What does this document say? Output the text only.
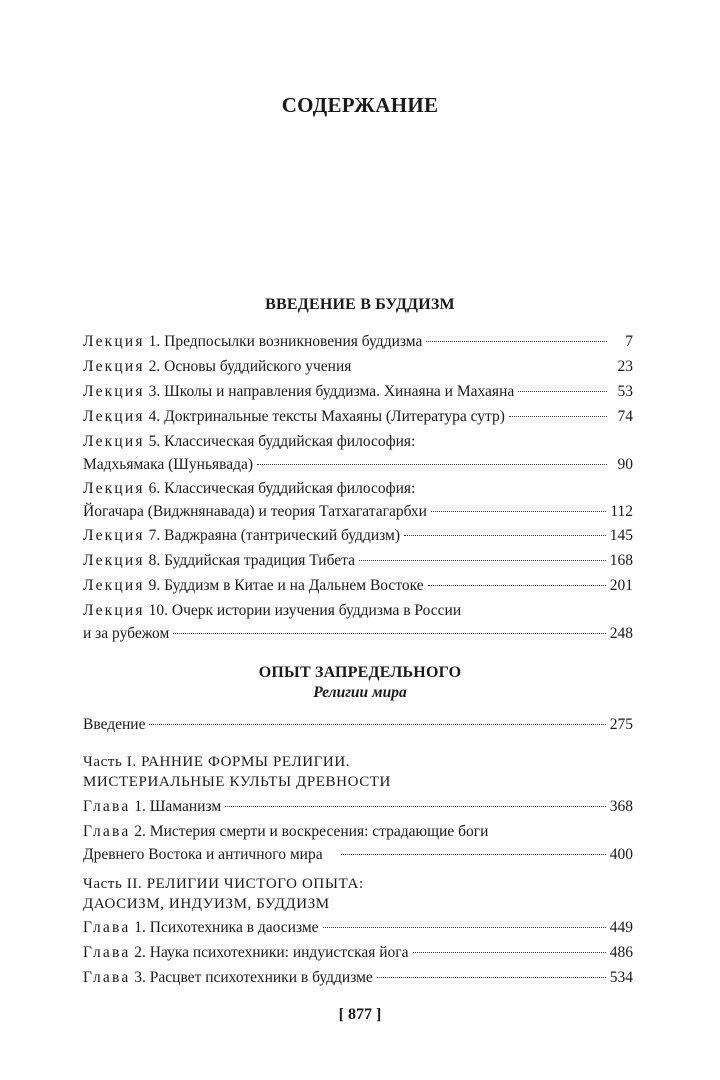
СОДЕРЖАНИЕ
ВВЕДЕНИЕ В БУДДИЗМ
Лекция 1. Предпосылки возникновения буддизма	7
Лекция 2. Основы буддийского учения	23
Лекция 3. Школы и направления буддизма. Хинаяна и Махаяна	53
Лекция 4. Доктринальные тексты Махаяны (Литература сутр)	74
Лекция 5. Классическая буддийская философия:
Мадхьямака (Шуньявада)	90
Лекция 6. Классическая буддийская философия:
Йогачара (Виджнянавада) и теория Татхагатагарбхи	112
Лекция 7. Ваджраяна (тантрический буддизм)	145
Лекция 8. Буддийская традиция Тибета	168
Лекция 9. Буддизм в Китае и на Дальнем Востоке	201
Лекция 10. Очерк истории изучения буддизма в России
и за рубежом	248
ОПЫТ ЗАПРЕДЕЛЬНОГО
Религии мира
Введение	275
Часть I. РАННИЕ ФОРМЫ РЕЛИГИИ.
МИСТЕРИАЛЬНЫЕ КУЛЬТЫ ДРЕВНОСТИ
Глава 1. Шаманизм	368
Глава 2. Мистерия смерти и воскресения: страдающие боги
Древнего Востока и античного мира	400
Часть II. РЕЛИГИИ ЧИСТОГО ОПЫТА:
ДАОСИЗМ, ИНДУИЗМ, БУДДИЗМ
Глава 1. Психотехника в даосизме	449
Глава 2. Наука психотехники: индуистская йога	486
Глава 3. Расцвет психотехники в буддизме	534
[ 877 ]
